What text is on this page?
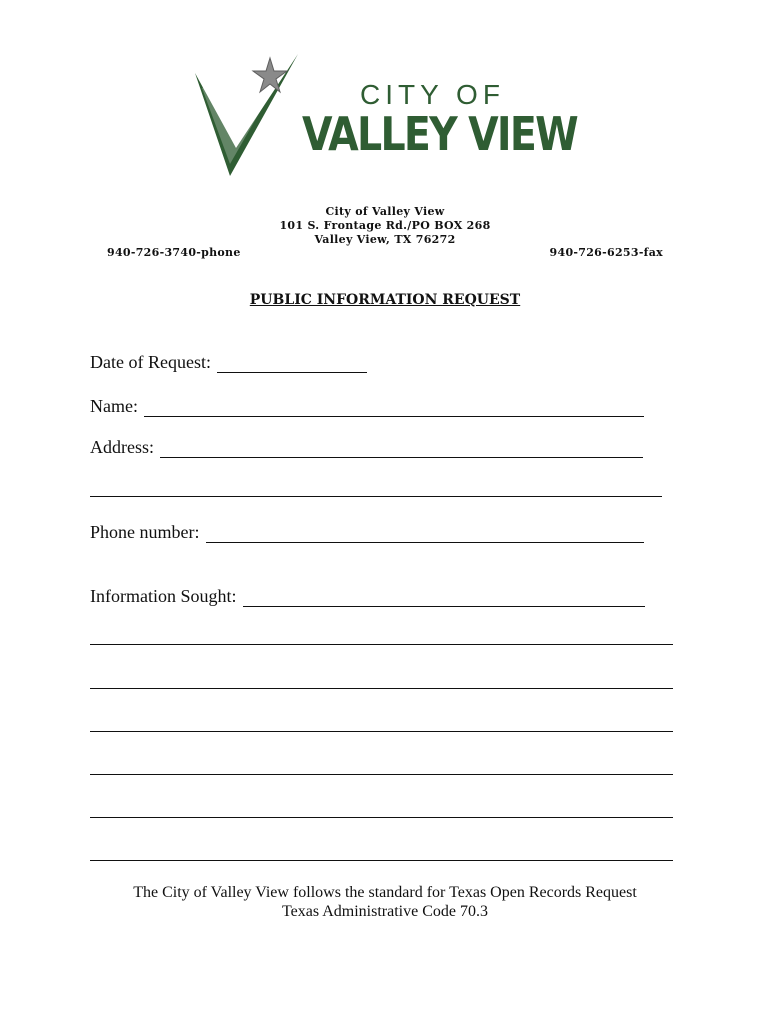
CITY OF
VALLEY VIEW
City of Valley View
101 S. Frontage Rd./PO BOX 268
Valley View, TX 76272
940-726-3740-phone	940-726-6253-fax
PUBLIC INFORMATION REQUEST
Date of Request:
Name:
Address:
Phone number:
Information Sought:
The City of Valley View follows the standard for Texas Open Records Request
Texas Administrative Code 70.3
